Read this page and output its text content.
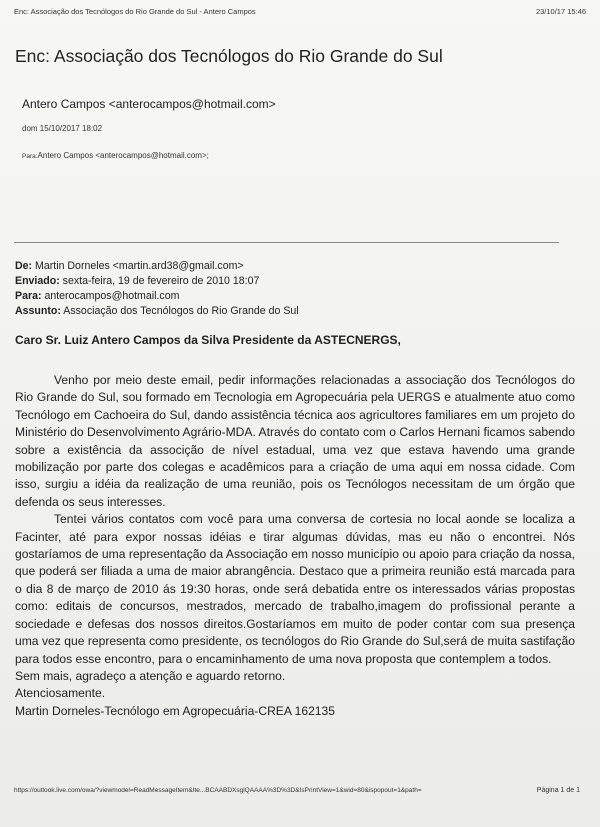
Enc: Associação dos Tecnólogos do Rio Grande do Sul - Antero Campos	23/10/17 15:46
Enc: Associação dos Tecnólogos do Rio Grande do Sul
Antero Campos <anterocampos@hotmail.com>
dom 15/10/2017 18:02
Para:Antero Campos <anterocampos@hotmail.com>;
De: Martin Dorneles <martin.ard38@gmail.com>
Enviado: sexta-feira, 19 de fevereiro de 2010 18:07
Para: anterocampos@hotmail.com
Assunto: Associação dos Tecnólogos do Rio Grande do Sul
Caro Sr. Luiz Antero Campos da Silva Presidente da ASTECNERGS,

Venho por meio deste email, pedir informações relacionadas a associação dos Tecnólogos do Rio Grande do Sul, sou formado em Tecnologia em Agropecuária pela UERGS e atualmente atuo como Tecnólogo em Cachoeira do Sul, dando assistência técnica aos agricultores familiares em um projeto do Ministério do Desenvolvimento Agrário-MDA. Através do contato com o Carlos Hernani ficamos sabendo sobre a existência da associção de nível estadual, uma vez que estava havendo uma grande mobilização por parte dos colegas e acadêmicos para a criação de uma aqui em nossa cidade. Com isso, surgiu a idéia da realização de uma reunião, pois os Tecnólogos necessitam de um órgão que defenda os seus interesses.

Tentei vários contatos com você para uma conversa de cortesia no local aonde se localiza a Facinter, até para expor nossas idéias e tirar algumas dúvidas, mas eu não o encontrei. Nós gostaríamos de uma representação da Associação em nosso município ou apoio para criação da nossa, que poderá ser filiada a uma de maior abrangência. Destaco que a primeira reunião está marcada para o dia 8 de março de 2010 ás 19:30 horas, onde será debatida entre os interessados várias propostas como: editais de concursos, mestrados, mercado de trabalho,imagem do profissional perante a sociedade e defesas dos nossos direitos.Gostaríamos em muito de poder contar com sua presença uma vez que representa como presidente, os tecnólogos do Rio Grande do Sul,será de muita sastifação para todos esse encontro, para o encaminhamento de uma nova proposta que contemplem a todos.

Sem mais, agradeço a atenção e aguardo retorno.

Atenciosamente.

Martin Dorneles-Tecnólogo em Agropecuária-CREA 162135

https://outlook.live.com/owa/?viewmodel=ReadMessageItem&Ite...BCAABDXsglQAAAA%3D%3D&IsPrintView=1&wid=80&ispopout=1&path=	Página 1 de 1
